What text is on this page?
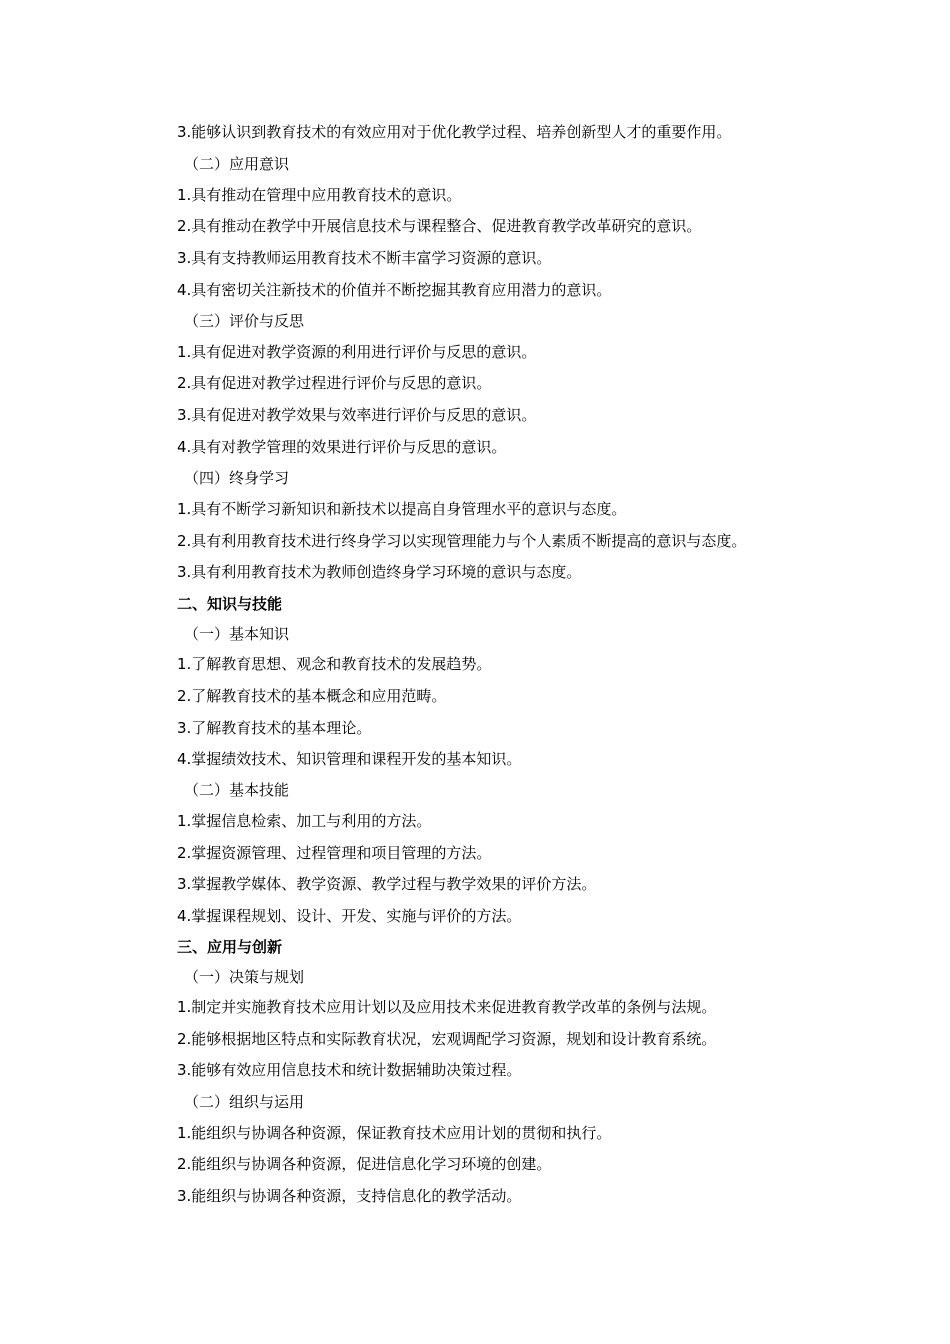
3.能够认识到教育技术的有效应用对于优化教学过程、培养创新型人才的重要作用。
（二）应用意识
1.具有推动在管理中应用教育技术的意识。
2.具有推动在教学中开展信息技术与课程整合、促进教育教学改革研究的意识。
3.具有支持教师运用教育技术不断丰富学习资源的意识。
4.具有密切关注新技术的价值并不断挖掘其教育应用潜力的意识。
（三）评价与反思
1.具有促进对教学资源的利用进行评价与反思的意识。
2.具有促进对教学过程进行评价与反思的意识。
3.具有促进对教学效果与效率进行评价与反思的意识。
4.具有对教学管理的效果进行评价与反思的意识。
（四）终身学习
1.具有不断学习新知识和新技术以提高自身管理水平的意识与态度。
2.具有利用教育技术进行终身学习以实现管理能力与个人素质不断提高的意识与态度。
3.具有利用教育技术为教师创造终身学习环境的意识与态度。
二、知识与技能
（一）基本知识
1.了解教育思想、观念和教育技术的发展趋势。
2.了解教育技术的基本概念和应用范畴。
3.了解教育技术的基本理论。
4.掌握绩效技术、知识管理和课程开发的基本知识。
（二）基本技能
1.掌握信息检索、加工与利用的方法。
2.掌握资源管理、过程管理和项目管理的方法。
3.掌握教学媒体、教学资源、教学过程与教学效果的评价方法。
4.掌握课程规划、设计、开发、实施与评价的方法。
三、应用与创新
（一）决策与规划
1.制定并实施教育技术应用计划以及应用技术来促进教育教学改革的条例与法规。
2.能够根据地区特点和实际教育状况，宏观调配学习资源，规划和设计教育系统。
3.能够有效应用信息技术和统计数据辅助决策过程。
（二）组织与运用
1.能组织与协调各种资源，保证教育技术应用计划的贯彻和执行。
2.能组织与协调各种资源，促进信息化学习环境的创建。
3.能组织与协调各种资源，支持信息化的教学活动。
